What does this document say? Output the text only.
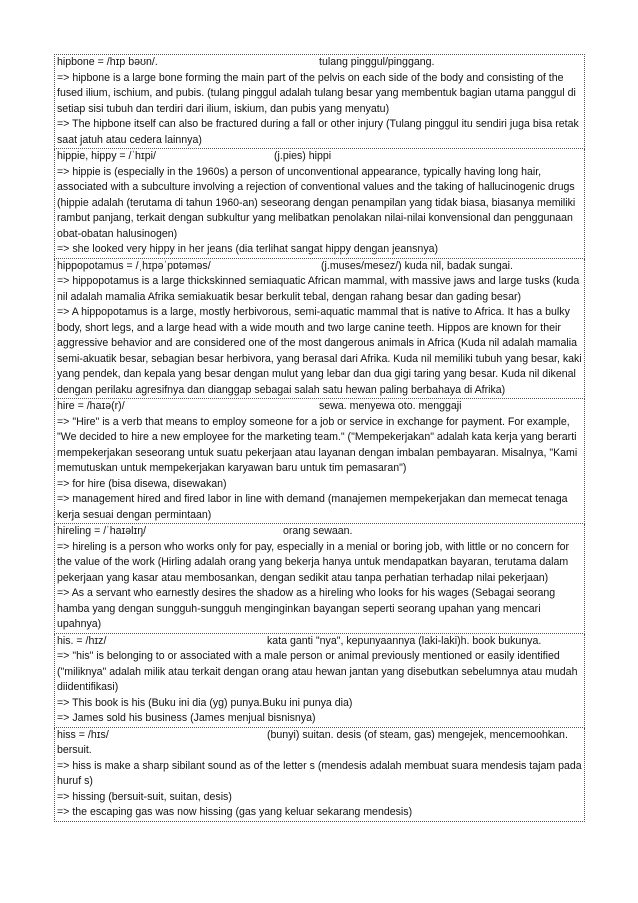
hipbone = /hɪp bəʊn/.	tulang pinggul/pinggang.
=> hipbone is a large bone forming the main part of the pelvis on each side of the body and consisting of the fused ilium, ischium, and pubis. (tulang pinggul adalah tulang besar yang membentuk bagian utama panggul di setiap sisi tubuh dan terdiri dari ilium, iskium, dan pubis yang menyatu)
=> The hipbone itself can also be fractured during a fall or other injury (Tulang pinggul itu sendiri juga bisa retak saat jatuh atau cedera lainnya)
hippie, hippy = /ˈhɪpi/	(j.pies) hippi
=> hippie is (especially in the 1960s) a person of unconventional appearance, typically having long hair, associated with a subculture involving a rejection of conventional values and the taking of hallucinogenic drugs (hippie adalah (terutama di tahun 1960-an) seseorang dengan penampilan yang tidak biasa, biasanya memiliki rambut panjang, terkait dengan subkultur yang melibatkan penolakan nilai-nilai konvensional dan penggunaan obat-obatan halusinogen)
=> she looked very hippy in her jeans (dia terlihat sangat hippy dengan jeansnya)
hippopotamus = /ˌhɪpəˈpɒtəməs/	(j.muses/mesez/) kuda nil, badak sungai.
=> hippopotamus is a large thickskinned semiaquatic African mammal, with massive jaws and large tusks (kuda nil adalah mamalia Afrika semiakuatik besar berkulit tebal, dengan rahang besar dan gading besar)
=> A hippopotamus is a large, mostly herbivorous, semi-aquatic mammal that is native to Africa. It has a bulky body, short legs, and a large head with a wide mouth and two large canine teeth. Hippos are known for their aggressive behavior and are considered one of the most dangerous animals in Africa (Kuda nil adalah mamalia semi-akuatik besar, sebagian besar herbivora, yang berasal dari Afrika. Kuda nil memiliki tubuh yang besar, kaki yang pendek, dan kepala yang besar dengan mulut yang lebar dan dua gigi taring yang besar. Kuda nil dikenal dengan perilaku agresifnya dan dianggap sebagai salah satu hewan paling berbahaya di Afrika)
hire = /haɪə(r)/	sewa. menyewa oto. menggaji
=> "Hire" is a verb that means to employ someone for a job or service in exchange for payment. For example, "We decided to hire a new employee for the marketing team." ("Mempekerjakan" adalah kata kerja yang berarti mempekerjakan seseorang untuk suatu pekerjaan atau layanan dengan imbalan pembayaran. Misalnya, "Kami memutuskan untuk mempekerjakan karyawan baru untuk tim pemasaran")
=> for hire (bisa disewa, disewakan)
=> management hired and fired labor in line with demand (manajemen mempekerjakan dan memecat tenaga kerja sesuai dengan permintaan)
hireling = /ˈhaɪəlɪŋ/	orang sewaan.
=> hireling is a person who works only for pay, especially in a menial or boring job, with little or no concern for the value of the work (Hirling adalah orang yang bekerja hanya untuk mendapatkan bayaran, terutama dalam pekerjaan yang kasar atau membosankan, dengan sedikit atau tanpa perhatian terhadap nilai pekerjaan)
=> As a servant who earnestly desires the shadow as a hireling who looks for his wages (Sebagai seorang hamba yang dengan sungguh-sungguh menginginkan bayangan seperti seorang upahan yang mencari upahnya)
his. = /hɪz/	kata ganti "nya", kepunyaannya (laki-laki)h. book bukunya.
=> "his" is belonging to or associated with a male person or animal previously mentioned or easily identified ("miliknya" adalah milik atau terkait dengan orang atau hewan jantan yang disebutkan sebelumnya atau mudah diidentifikasi)
=> This book is his (Buku ini dia (yg) punya.Buku ini punya dia)
=> James sold his business (James menjual bisnisnya)
hiss = /hɪs/	(bunyi) suitan. desis (of steam, gas) mengejek, mencemoohkan. bersuit.
=> hiss is make a sharp sibilant sound as of the letter s (mendesis adalah membuat suara mendesis tajam pada huruf s)
=> hissing (bersuit-suit, suitan, desis)
=> the escaping gas was now hissing (gas yang keluar sekarang mendesis)
